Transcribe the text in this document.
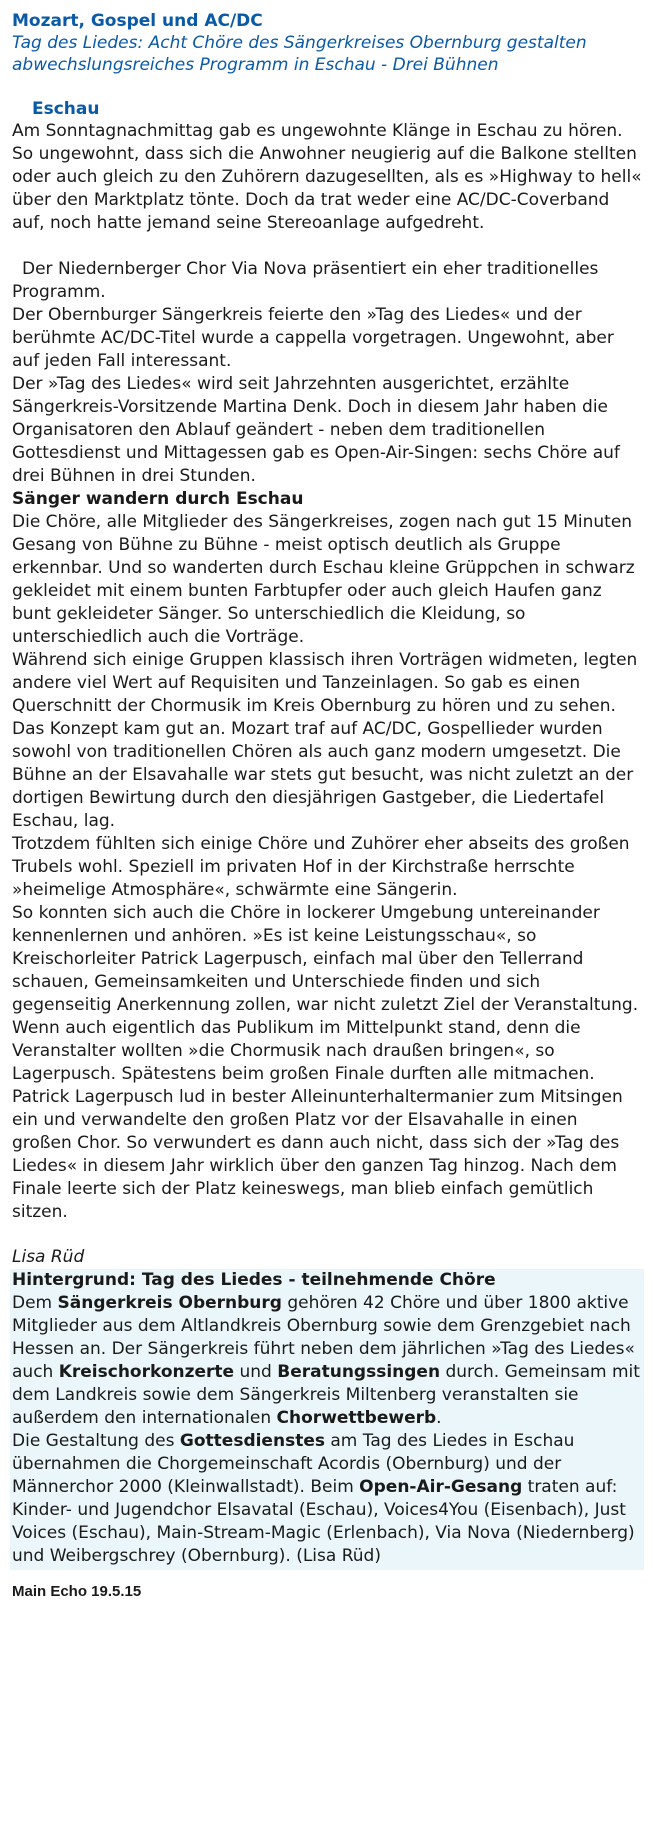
Mozart, Gospel und AC/DC

Tag des Liedes: Acht Chöre des Sängerkreises Obernburg gestalten abwechslungsreiches Programm in Eschau - Drei Bühnen

Eschau

Am Sonntagnachmittag gab es ungewohnte Klänge in Eschau zu hören. So ungewohnt, dass sich die Anwohner neugierig auf die Balkone stellten oder auch gleich zu den Zuhörern dazugesellten, als es »Highway to hell« über den Marktplatz tönte. Doch da trat weder eine AC/DC-Coverband auf, noch hatte jemand seine Stereoanlage aufgedreht.

Der Niedernberger Chor Via Nova präsentiert ein eher traditionelles Programm.

Der Obernburger Sängerkreis feierte den »Tag des Liedes« und der berühmte AC/DC-Titel wurde a cappella vorgetragen. Ungewohnt, aber auf jeden Fall interessant.

Der »Tag des Liedes« wird seit Jahrzehnten ausgerichtet, erzählte Sängerkreis-Vorsitzende Martina Denk. Doch in diesem Jahr haben die Organisatoren den Ablauf geändert - neben dem traditionellen Gottesdienst und Mittagessen gab es Open-Air-Singen: sechs Chöre auf drei Bühnen in drei Stunden.

Sänger wandern durch Eschau

Die Chöre, alle Mitglieder des Sängerkreises, zogen nach gut 15 Minuten Gesang von Bühne zu Bühne - meist optisch deutlich als Gruppe erkennbar. Und so wanderten durch Eschau kleine Grüppchen in schwarz gekleidet mit einem bunten Farbtupfer oder auch gleich Haufen ganz bunt gekleideter Sänger. So unterschiedlich die Kleidung, so unterschiedlich auch die Vorträge.

Während sich einige Gruppen klassisch ihren Vorträgen widmeten, legten andere viel Wert auf Requisiten und Tanzeinlagen. So gab es einen Querschnitt der Chormusik im Kreis Obernburg zu hören und zu sehen. Das Konzept kam gut an. Mozart traf auf AC/DC, Gospellieder wurden sowohl von traditionellen Chören als auch ganz modern umgesetzt. Die Bühne an der Elsavahalle war stets gut besucht, was nicht zuletzt an der dortigen Bewirtung durch den diesjährigen Gastgeber, die Liedertafel Eschau, lag.

Trotzdem fühlten sich einige Chöre und Zuhörer eher abseits des großen Trubels wohl. Speziell im privaten Hof in der Kirchstraße herrschte »heimelige Atmosphäre«, schwärmte eine Sängerin.

So konnten sich auch die Chöre in lockerer Umgebung untereinander kennenlernen und anhören. »Es ist keine Leistungsschau«, so Kreischorleiter Patrick Lagerpusch, einfach mal über den Tellerrand schauen, Gemeinsamkeiten und Unterschiede finden und sich gegenseitig Anerkennung zollen, war nicht zuletzt Ziel der Veranstaltung. Wenn auch eigentlich das Publikum im Mittelpunkt stand, denn die Veranstalter wollten »die Chormusik nach draußen bringen«, so Lagerpusch. Spätestens beim großen Finale durften alle mitmachen. Patrick Lagerpusch lud in bester Alleinunterhaltermanier zum Mitsingen ein und verwandelte den großen Platz vor der Elsavahalle in einen großen Chor. So verwundert es dann auch nicht, dass sich der »Tag des Liedes« in diesem Jahr wirklich über den ganzen Tag hinzog. Nach dem Finale leerte sich der Platz keineswegs, man blieb einfach gemütlich sitzen.

Lisa Rüd

Hintergrund: Tag des Liedes - teilnehmende Chöre

Dem Sängerkreis Obernburg gehören 42 Chöre und über 1800 aktive Mitglieder aus dem Altlandkreis Obernburg sowie dem Grenzgebiet nach Hessen an. Der Sängerkreis führt neben dem jährlichen »Tag des Liedes« auch Kreischorkonzerte und Beratungssingen durch. Gemeinsam mit dem Landkreis sowie dem Sängerkreis Miltenberg veranstalten sie außerdem den internationalen Chorwettbewerb.

Die Gestaltung des Gottesdienstes am Tag des Liedes in Eschau übernahmen die Chorgemeinschaft Acordis (Obernburg) und der Männerchor 2000 (Kleinwallstadt). Beim Open-Air-Gesang traten auf: Kinder- und Jugendchor Elsavatal (Eschau), Voices4You (Eisenbach), Just Voices (Eschau), Main-Stream-Magic (Erlenbach), Via Nova (Niedernberg) und Weibergschrey (Obernburg). (Lisa Rüd)

Main Echo 19.5.15
